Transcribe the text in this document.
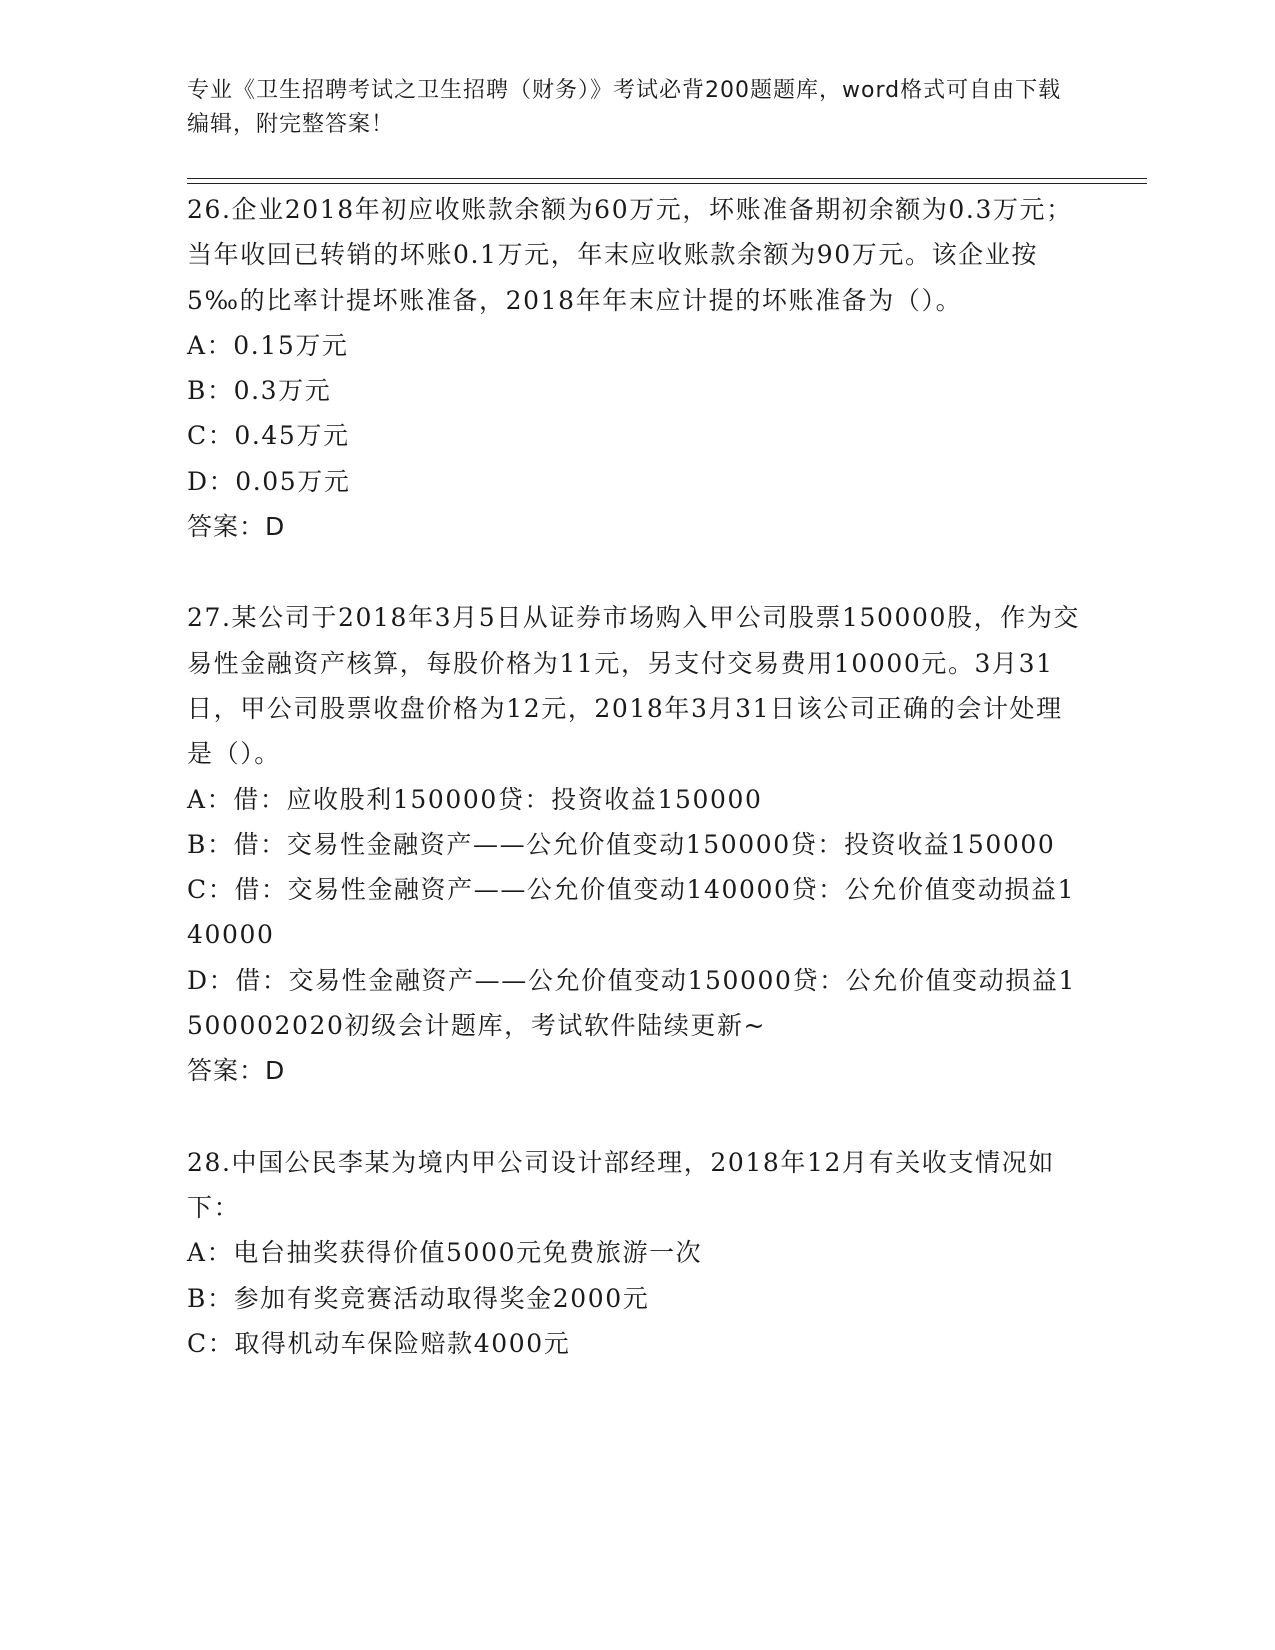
专业《卫生招聘考试之卫生招聘（财务）》考试必背200题题库，word格式可自由下载编辑，附完整答案！

26.企业2018年初应收账款余额为60万元，坏账准备期初余额为0.3万元；当年收回已转销的坏账0.1万元，年末应收账款余额为90万元。该企业按5‰的比率计提坏账准备，2018年年末应计提的坏账准备为（）。

A：0.15万元

B：0.3万元

C：0.45万元

D：0.05万元

答案：D

27.某公司于2018年3月5日从证券市场购入甲公司股票150000股，作为交易性金融资产核算，每股价格为11元，另支付交易费用10000元。3月31日，甲公司股票收盘价格为12元，2018年3月31日该公司正确的会计处理是（）。

A：借：应收股利150000贷：投资收益150000

B：借：交易性金融资产——公允价值变动150000贷：投资收益150000

C：借：交易性金融资产——公允价值变动140000贷：公允价值变动损益140000

D：借：交易性金融资产——公允价值变动150000贷：公允价值变动损益1500002020初级会计题库，考试软件陆续更新~

答案：D

28.中国公民李某为境内甲公司设计部经理，2018年12月有关收支情况如下：

A：电台抽奖获得价值5000元免费旅游一次

B：参加有奖竞赛活动取得奖金2000元

C：取得机动车保险赔款4000元
